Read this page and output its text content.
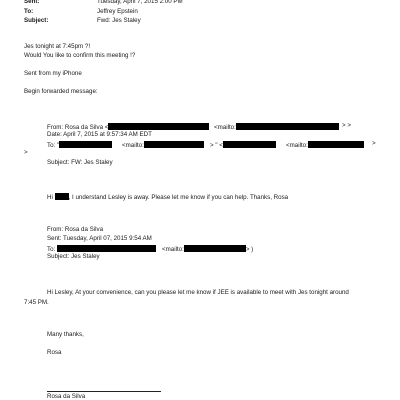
Sent:	Tuesday, April 7, 2015 2:00 PM
To:	Jeffrey Epstein
Subject:	Fwd: Jes Staley
Jes tonight at 7:45pm ?!
Would You like to confirm this meeting !?
Sent from my iPhone
Begin forwarded message:
From: Rosa da Silva <	<mailto:	> >
Date: April 7, 2015 at 9:57:34 AM EDT
To: "	<mailto:	> " <	<mailto:	>
>
Subject: FW: Jes Staley
Hi	, I understand Lesley is away. Please let me know if you can help. Thanks, Rosa
From: Rosa da Silva
Sent: Tuesday, April 07, 2015 9:54 AM
To:	<mailto:	> )
Subject: Jes Staley
Hi Lesley, At your convenience, can you please let me know if JEE is available to meet with Jes tonight around
7:45 PM.
Many thanks,
Rosa
Rosa da Silva
